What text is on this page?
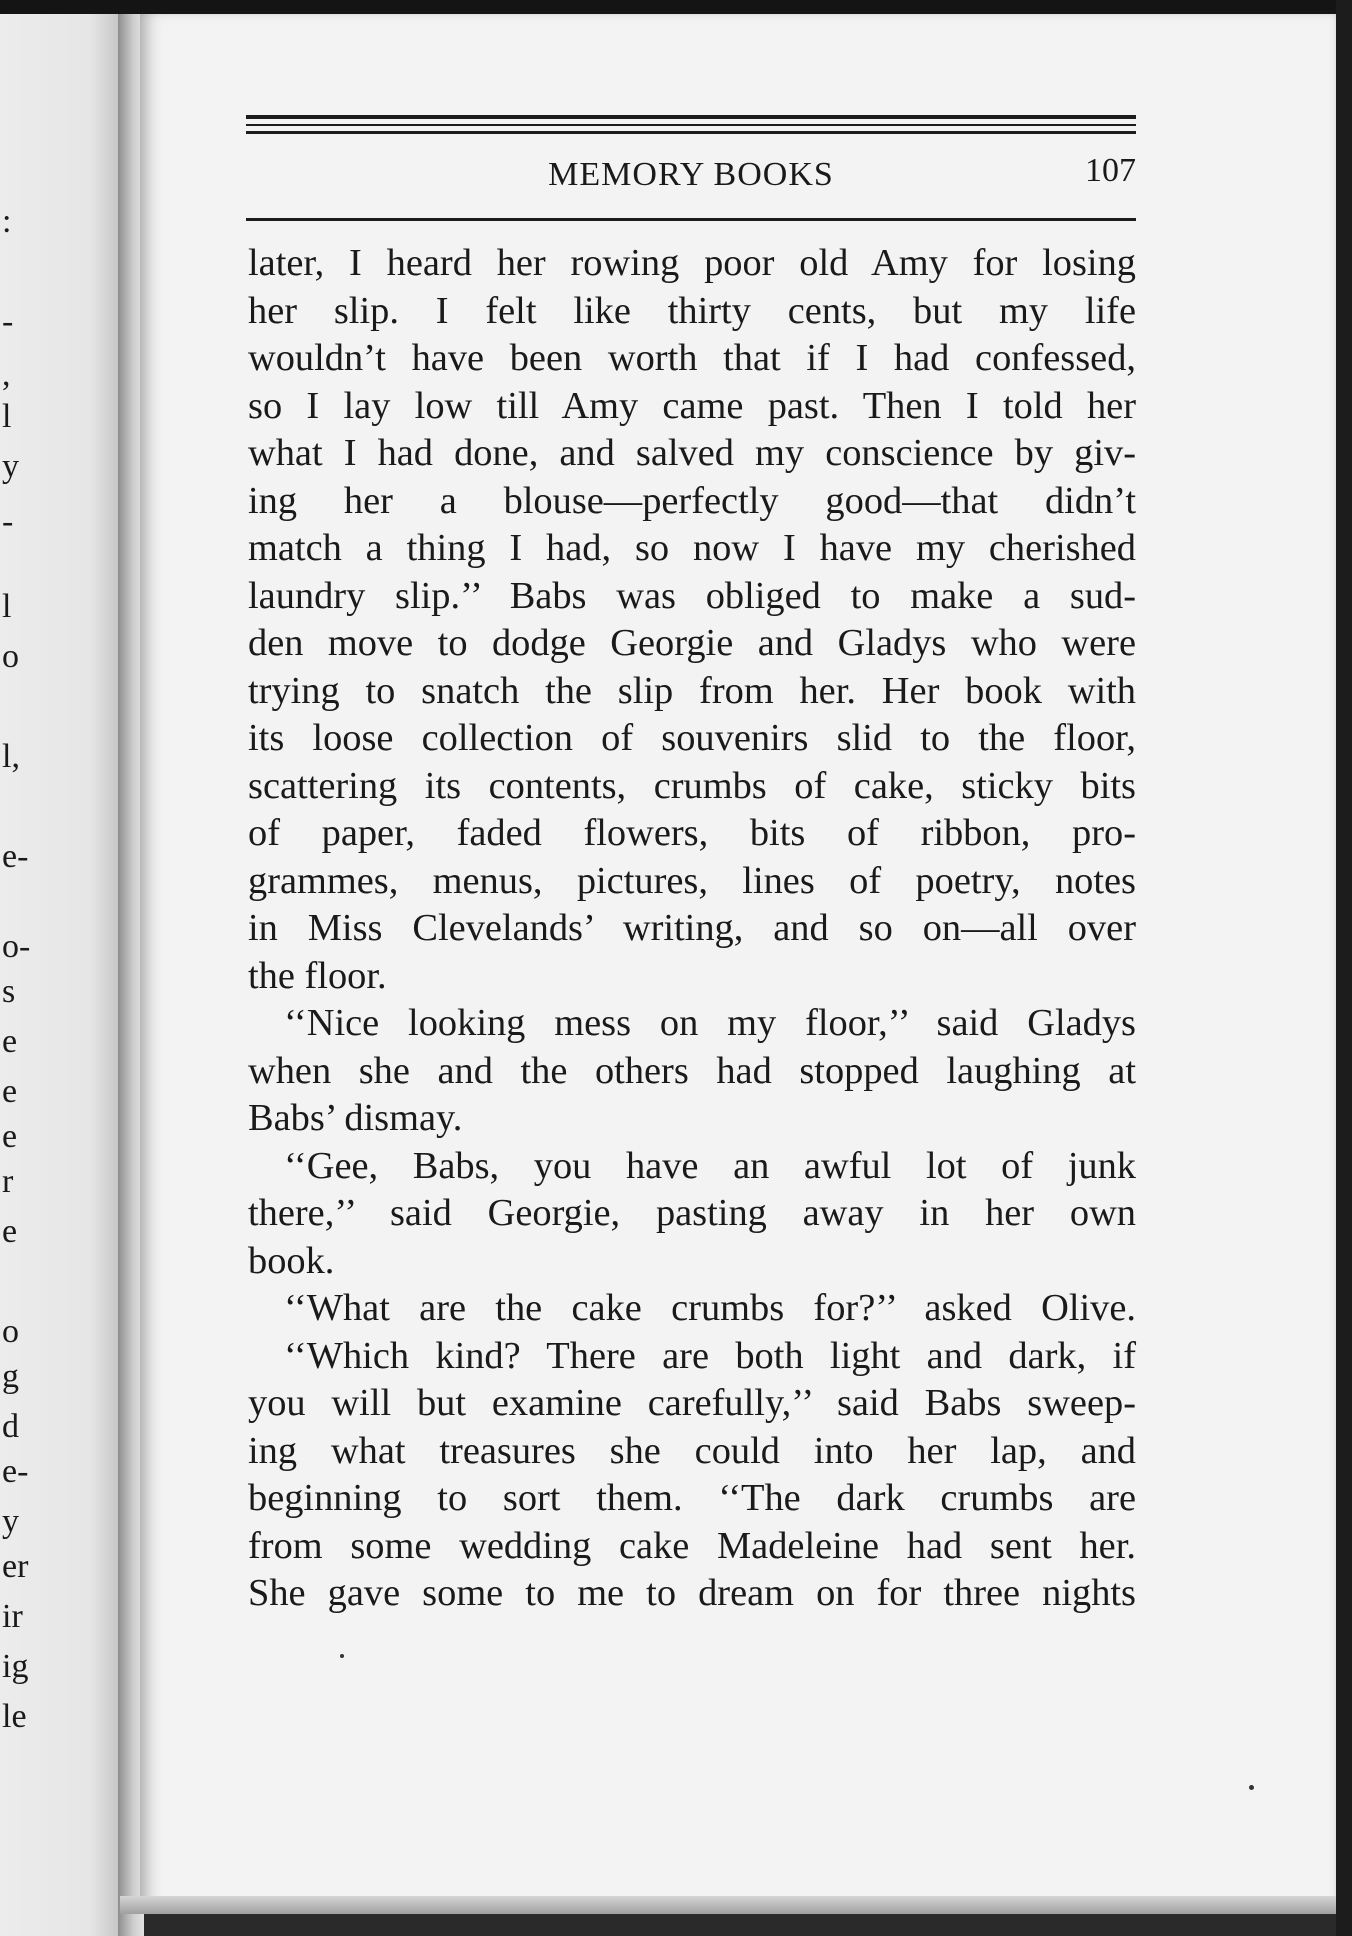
:
-
,
l
y
-
l
o
l,
e-
o-
s
e
e
e
r
e
o
g
d
e-
y
er
ir
ig
le
MEMORY BOOKS	107
later, I heard her rowing poor old Amy for losing
her slip. I felt like thirty cents, but my life
wouldn’t have been worth that if I had confessed,
so I lay low till Amy came past. Then I told her
what I had done, and salved my conscience by giv-
ing her a blouse—perfectly good—that didn’t
match a thing I had, so now I have my cherished
laundry slip.’’ Babs was obliged to make a sud-
den move to dodge Georgie and Gladys who were
trying to snatch the slip from her. Her book with
its loose collection of souvenirs slid to the floor,
scattering its contents, crumbs of cake, sticky bits
of paper, faded flowers, bits of ribbon, pro-
grammes, menus, pictures, lines of poetry, notes
in Miss Clevelands’ writing, and so on—all over
the floor.
‘‘Nice looking mess on my floor,’’ said Gladys
when she and the others had stopped laughing at
Babs’ dismay.
‘‘Gee, Babs, you have an awful lot of junk
there,’’ said Georgie, pasting away in her own
book.
‘‘What are the cake crumbs for?’’ asked Olive.
‘‘Which kind? There are both light and dark, if
you will but examine carefully,’’ said Babs sweep-
ing what treasures she could into her lap, and
beginning to sort them. ‘‘The dark crumbs are
from some wedding cake Madeleine had sent her.
She gave some to me to dream on for three nights
